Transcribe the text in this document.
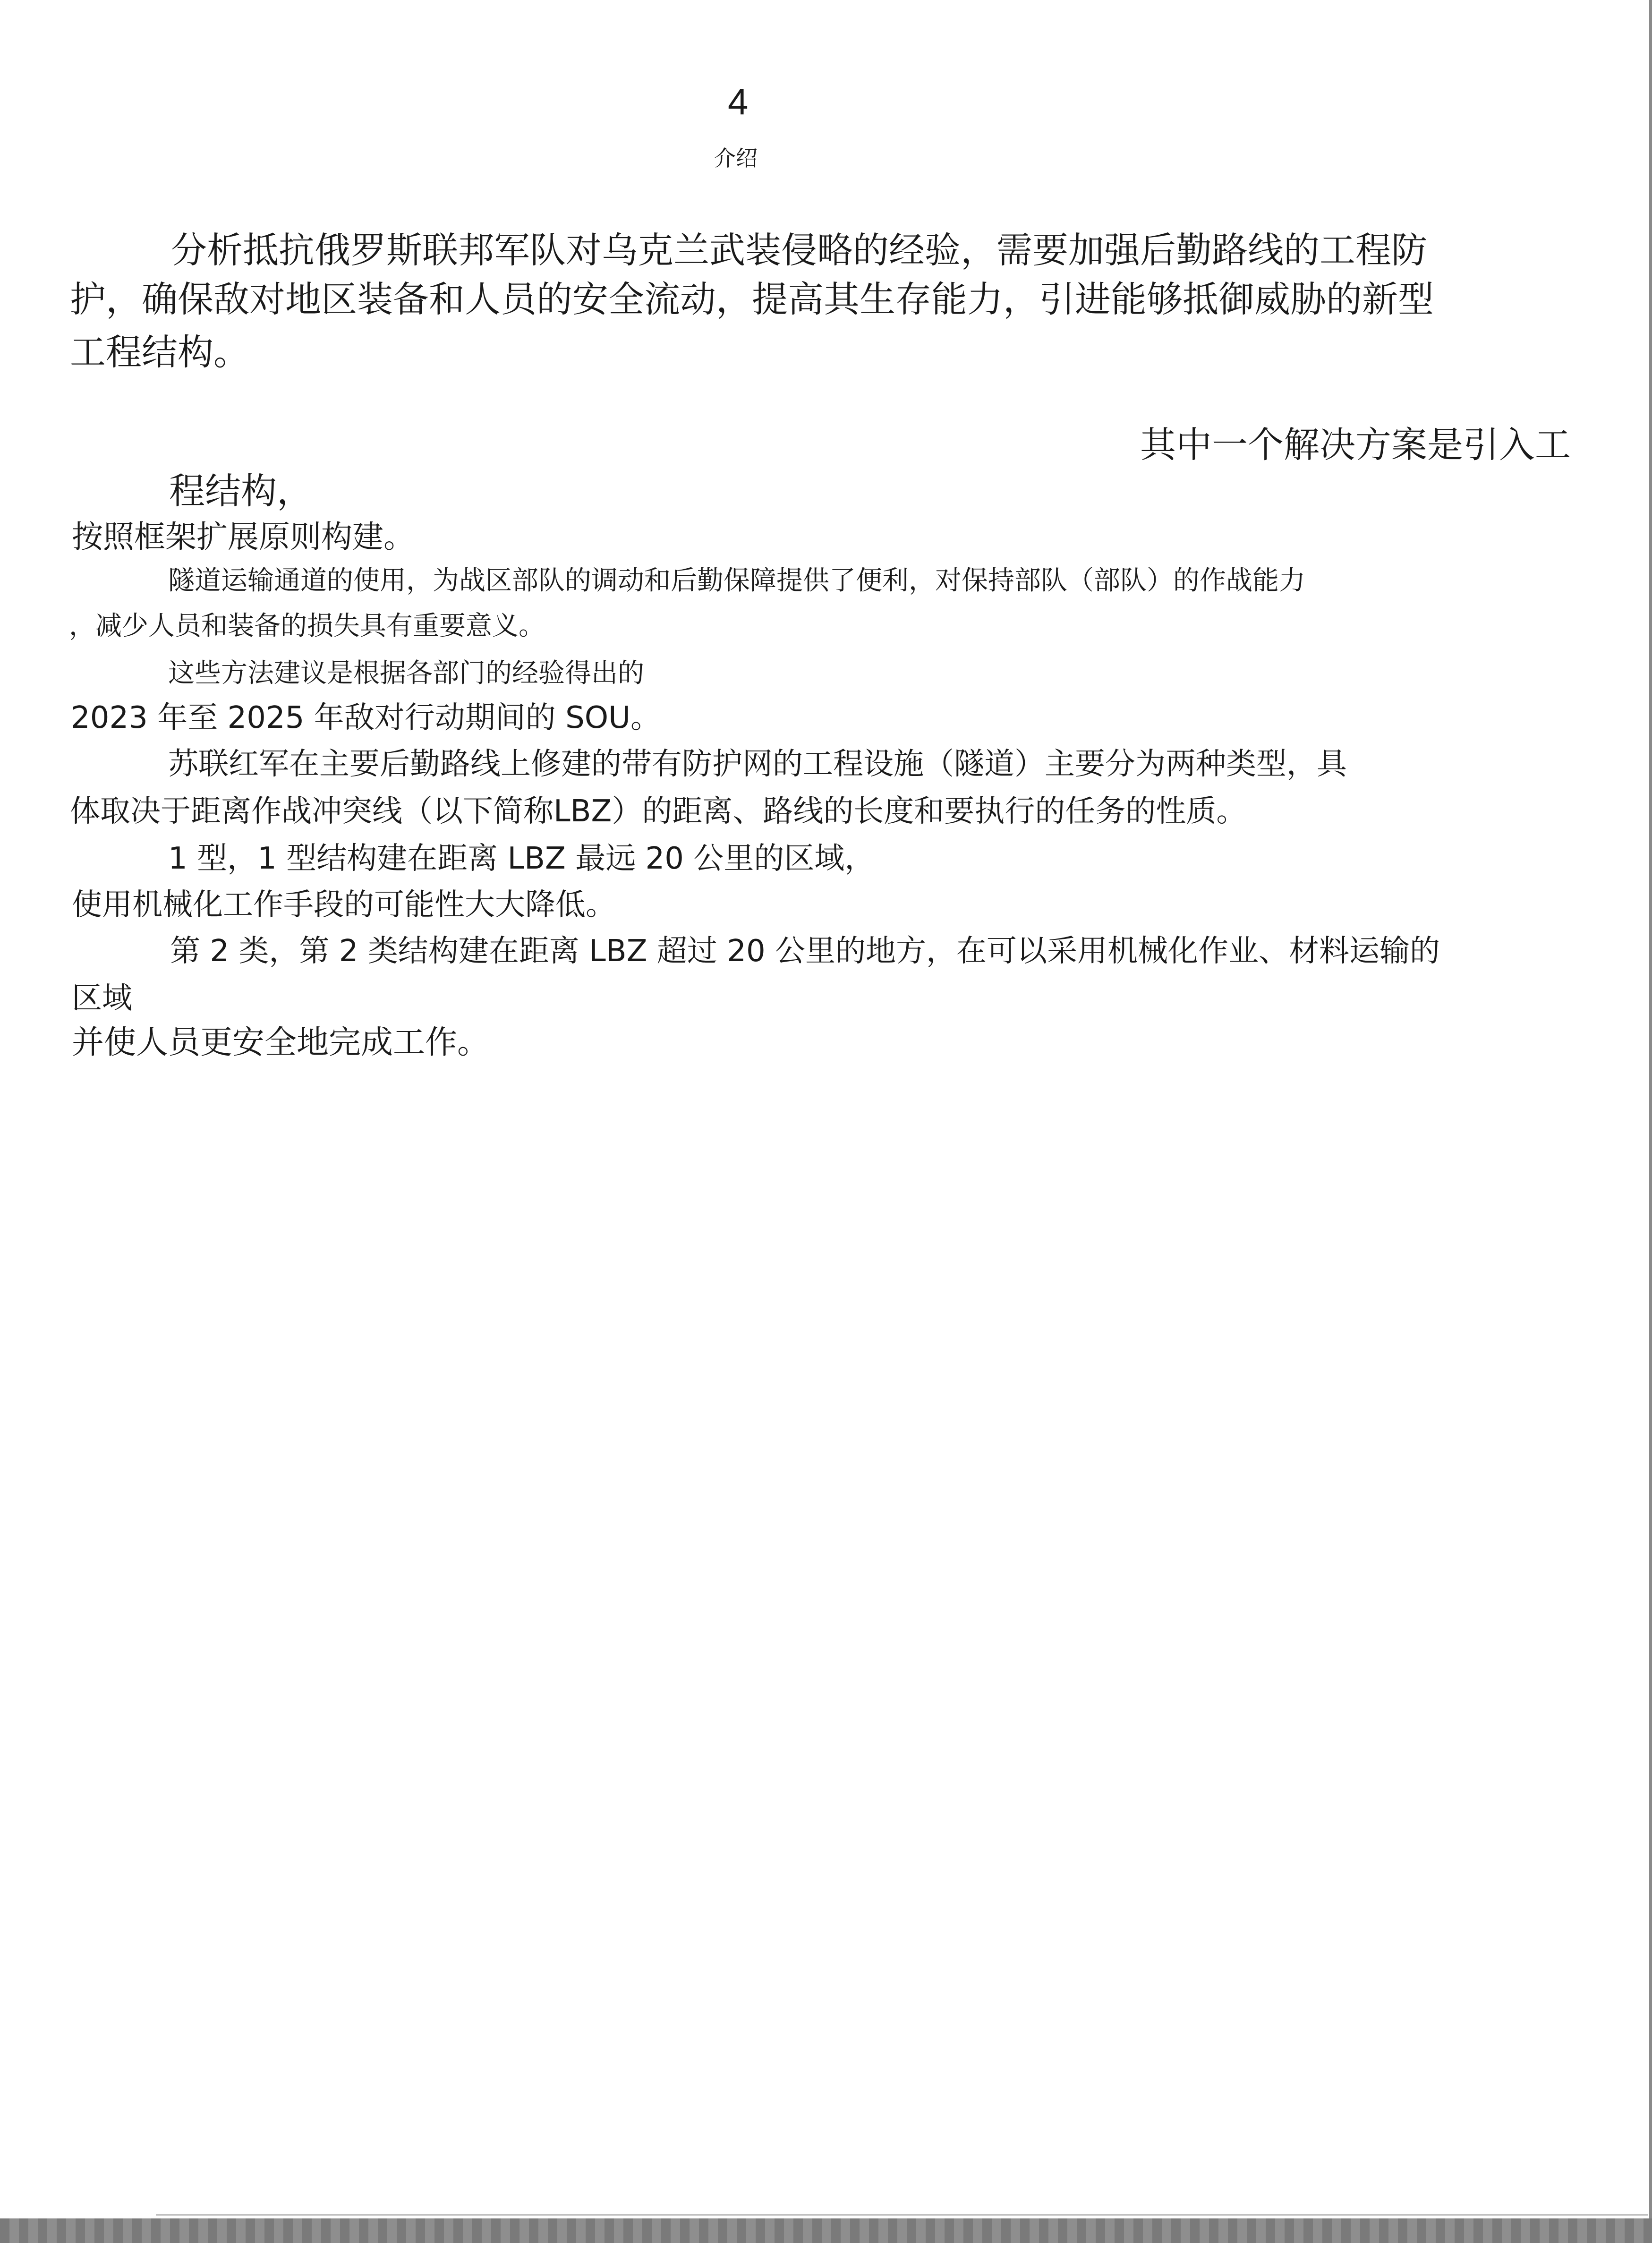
4
介绍
分析抵抗俄罗斯联邦军队对乌克兰武装侵略的经验，需要加强后勤路线的工程防
护，确保敌对地区装备和人员的安全流动，提高其生存能力，引进能够抵御威胁的新型
工程结构。
其中一个解决方案是引入工
程结构，
按照框架扩展原则构建。
隧道运输通道的使用，为战区部队的调动和后勤保障提供了便利，对保持部队（部队）的作战能力
，减少人员和装备的损失具有重要意义。
这些方法建议是根据各部门的经验得出的
2023 年至 2025 年敌对行动期间的 SOU。
苏联红军在主要后勤路线上修建的带有防护网的工程设施（隧道）主要分为两种类型，具
体取决于距离作战冲突线（以下简称LBZ）的距离、路线的长度和要执行的任务的性质。
1 型，1 型结构建在距离 LBZ 最远 20 公里的区域，
使用机械化工作手段的可能性大大降低。
第 2 类，第 2 类结构建在距离 LBZ 超过 20 公里的地方，在可以采用机械化作业、材料运输的
区域
并使人员更安全地完成工作。
